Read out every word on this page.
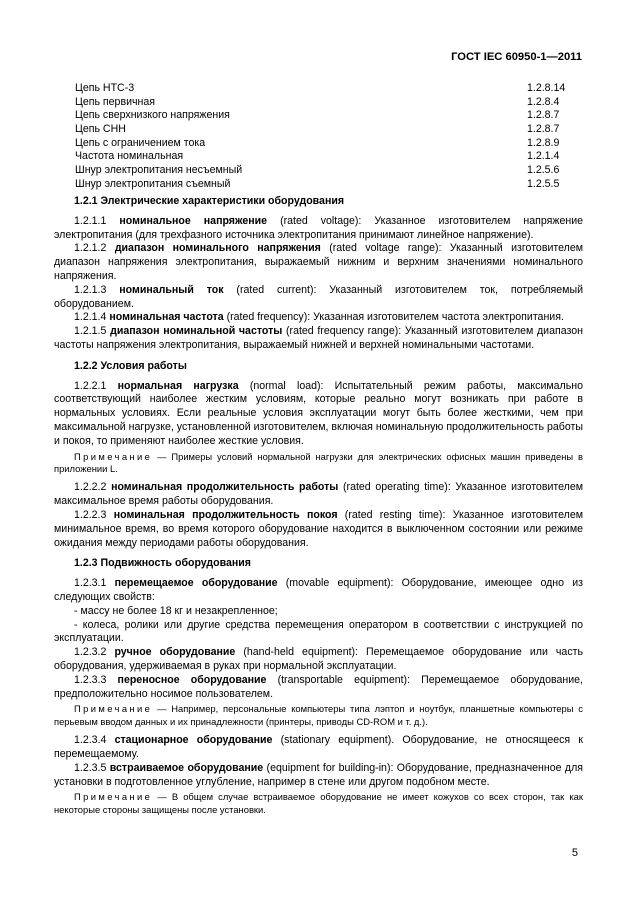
ГОСТ IEC 60950-1—2011
Цепь НТС-3	1.2.8.14
Цепь первичная	1.2.8.4
Цепь сверхнизкого напряжения	1.2.8.7
Цепь СНН	1.2.8.7
Цепь с ограничением тока	1.2.8.9
Частота номинальная	1.2.1.4
Шнур электропитания несъемный	1.2.5.6
Шнур электропитания съемный	1.2.5.5
1.2.1 Электрические характеристики оборудования

1.2.1.1 номинальное напряжение (rated voltage): Указанное изготовителем напряжение электропитания (для трехфазного источника электропитания принимают линейное напряжение).

1.2.1.2 диапазон номинального напряжения (rated voltage range): Указанный изготовителем диапазон напряжения электропитания, выражаемый нижним и верхним значениями номинального напряжения.

1.2.1.3 номинальный ток (rated current): Указанный изготовителем ток, потребляемый оборудованием.

1.2.1.4 номинальная частота (rated frequency): Указанная изготовителем частота электропитания.

1.2.1.5 диапазон номинальной частоты (rated frequency range): Указанный изготовителем диапазон частоты напряжения электропитания, выражаемый нижней и верхней номинальными частотами.

1.2.2 Условия работы

1.2.2.1 нормальная нагрузка (normal load): Испытательный режим работы, максимально соответствующий наиболее жестким условиям, которые реально могут возникать при работе в нормальных условиях. Если реальные условия эксплуатации могут быть более жесткими, чем при максимальной нагрузке, установленной изготовителем, включая номинальную продолжительность работы и покоя, то применяют наиболее жесткие условия.

Примечание — Примеры условий нормальной нагрузки для электрических офисных машин приведены в приложении L.

1.2.2.2 номинальная продолжительность работы (rated operating time): Указанное изготовителем максимальное время работы оборудования.

1.2.2.3 номинальная продолжительность покоя (rated resting time): Указанное изготовителем минимальное время, во время которого оборудование находится в выключенном состоянии или режиме ожидания между периодами работы оборудования.

1.2.3 Подвижность оборудования

1.2.3.1 перемещаемое оборудование (movable equipment): Оборудование, имеющее одно из следующих свойств:

- массу не более 18 кг и незакрепленное;

- колеса, ролики или другие средства перемещения оператором в соответствии с инструкцией по эксплуатации.

1.2.3.2 ручное оборудование (hand-held equipment): Перемещаемое оборудование или часть оборудования, удерживаемая в руках при нормальной эксплуатации.

1.2.3.3 переносное оборудование (transportable equipment): Перемещаемое оборудование, предположительно носимое пользователем.

Примечание — Например, персональные компьютеры типа лэптоп и ноутбук, планшетные компьютеры с перьевым вводом данных и их принадлежности (принтеры, приводы CD-ROM и т. д.).

1.2.3.4 стационарное оборудование (stationary equipment). Оборудование, не относящееся к перемещаемому.

1.2.3.5 встраиваемое оборудование (equipment for building-in): Оборудование, предназначенное для установки в подготовленное углубление, например в стене или другом подобном месте.

Примечание — В общем случае встраиваемое оборудование не имеет кожухов со всех сторон, так как некоторые стороны защищены после установки.

5
